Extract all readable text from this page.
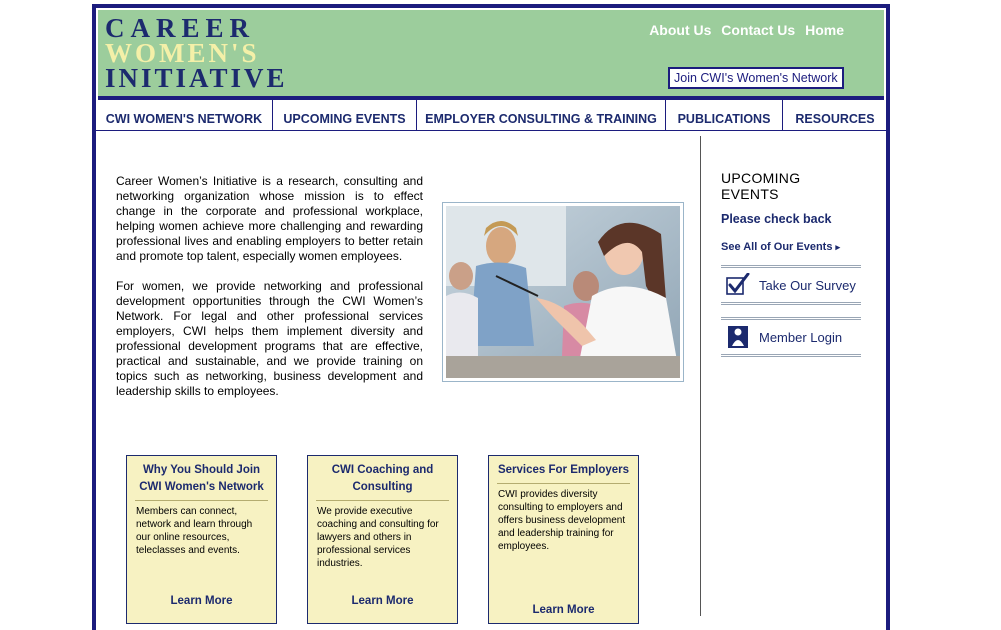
CAREER
WOMEN'S
INITIATIVE
About Us Contact Us Home
Join CWI's Women's Network
CWI WOMEN'S NETWORK	UPCOMING EVENTS	EMPLOYER CONSULTING & TRAINING	PUBLICATIONS	RESOURCES

Career Women’s Initiative is a research, consulting and networking organization whose mission is to effect change in the corporate and professional workplace, helping women achieve more challenging and rewarding professional lives and enabling employers to better retain and promote top talent, especially women employees.

For women, we provide networking and professional development opportunities through the CWI Women’s Network. For legal and other professional services employers, CWI helps them implement diversity and professional development programs that are effective, practical and sustainable, and we provide training on topics such as networking, business development and leadership skills to employees.

UPCOMING EVENTS
Please check back
See All of Our Events ▸
Take Our Survey
Member Login
Why You Should Join CWI Women's Network
Members can connect, network and learn through our online resources, teleclasses and events.
Learn More
CWI Coaching and Consulting
We provide executive coaching and consulting for lawyers and others in professional services industries.
Learn More
Services For Employers
CWI provides diversity consulting to employers and offers business development and leadership training for employees.
Learn More
